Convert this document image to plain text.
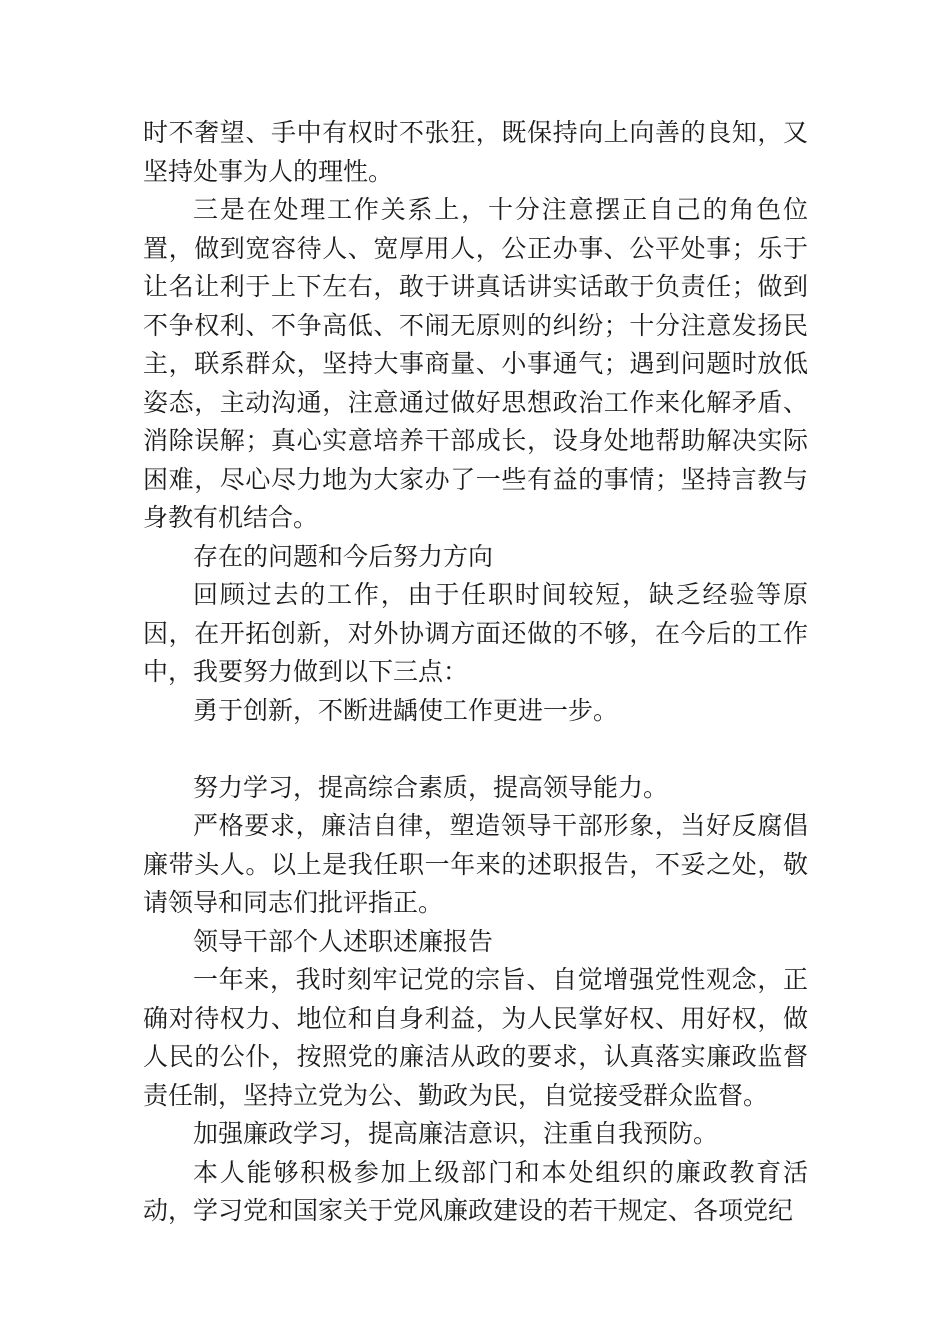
时不奢望、手中有权时不张狂，既保持向上向善的良知，又坚持处事为人的理性。

三是在处理工作关系上，十分注意摆正自己的角色位置，做到宽容待人、宽厚用人，公正办事、公平处事；乐于让名让利于上下左右，敢于讲真话讲实话敢于负责任；做到不争权利、不争高低、不闹无原则的纠纷；十分注意发扬民主，联系群众，坚持大事商量、小事通气；遇到问题时放低姿态，主动沟通，注意通过做好思想政治工作来化解矛盾、消除误解；真心实意培养干部成长，设身处地帮助解决实际困难，尽心尽力地为大家办了一些有益的事情；坚持言教与身教有机结合。

存在的问题和今后努力方向

回顾过去的工作，由于任职时间较短，缺乏经验等原因，在开拓创新，对外协调方面还做的不够，在今后的工作中，我要努力做到以下三点：

勇于创新，不断进龋使工作更进一步。

努力学习，提高综合素质，提高领导能力。

严格要求，廉洁自律，塑造领导干部形象，当好反腐倡廉带头人。以上是我任职一年来的述职报告，不妥之处，敬请领导和同志们批评指正。

领导干部个人述职述廉报告

一年来，我时刻牢记党的宗旨、自觉增强党性观念，正确对待权力、地位和自身利益，为人民掌好权、用好权，做人民的公仆，按照党的廉洁从政的要求，认真落实廉政监督责任制，坚持立党为公、勤政为民，自觉接受群众监督。

加强廉政学习，提高廉洁意识，注重自我预防。

本人能够积极参加上级部门和本处组织的廉政教育活动，学习党和国家关于党风廉政建设的若干规定、各项党纪
